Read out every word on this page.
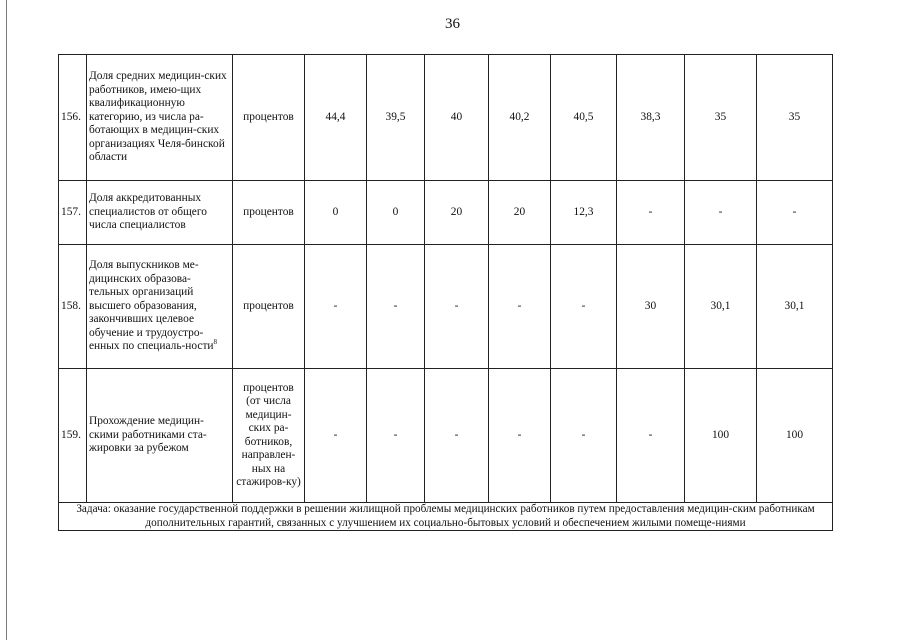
36
156.	Доля средних медицин-ских работников, имею-щих квалификационную категорию, из числа ра-ботающих в медицин-ских организациях Челя-бинской области	процентов	44,4	39,5	40	40,2	40,5	38,3	35	35
157.	Доля аккредитованных специалистов от общего числа специалистов	процентов	0	0	20	20	12,3	-	-	-
158.	Доля выпускников ме-дицинских образова-тельных организаций высшего образования, закончивших целевое обучение и трудоустро-енных по специаль-ности$^8$	процентов	-	-	-	-	-	30	30,1	30,1
159.	Прохождение медицин-скими работниками ста-жировки за рубежом	процентов (от числа медицин-ских ра-ботников, направлен-ных на стажиров-ку)	-	-	-	-	-	-	100	100
Задача: оказание государственной поддержки в решении жилищной проблемы медицинских работников путем предоставления медицин-ским работникам дополнительных гарантий, связанных с улучшением их социально-бытовых условий и обеспечением жилыми помеще-ниями										
